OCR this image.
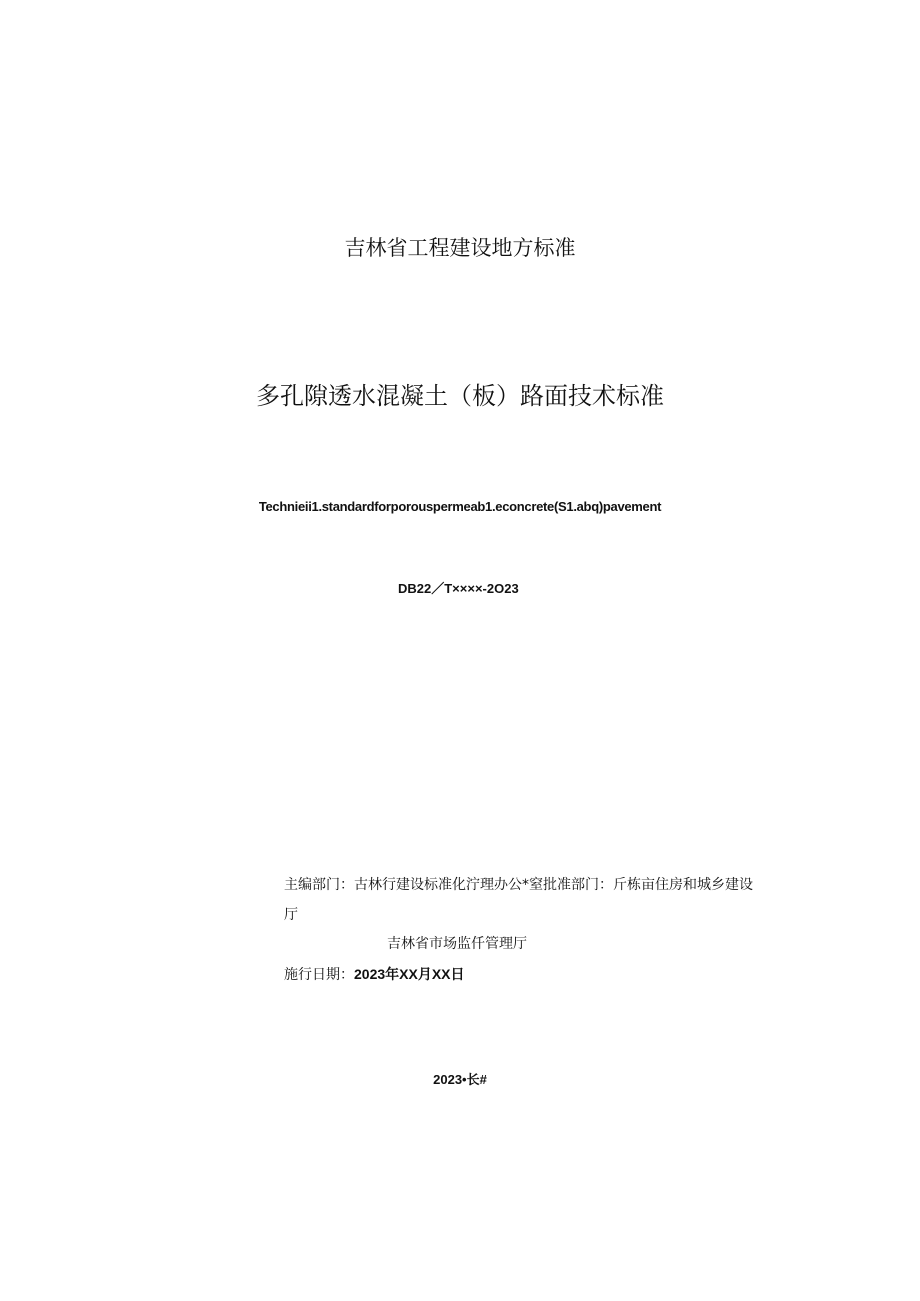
吉林省工程建设地方标准
多孔隙透水混凝土（板）路面技术标准
Technieii1.standardforporouspermeab1.econcrete(S1.abq)pavement
DB22／T××××-2O23
主编部门：古林行建设标准化泞理办公*窒批准部门：斤栋亩住房和城乡建设
厅
吉林省市场监仟管理厅
施行日期：2023年XX月XX日
2023•长#
